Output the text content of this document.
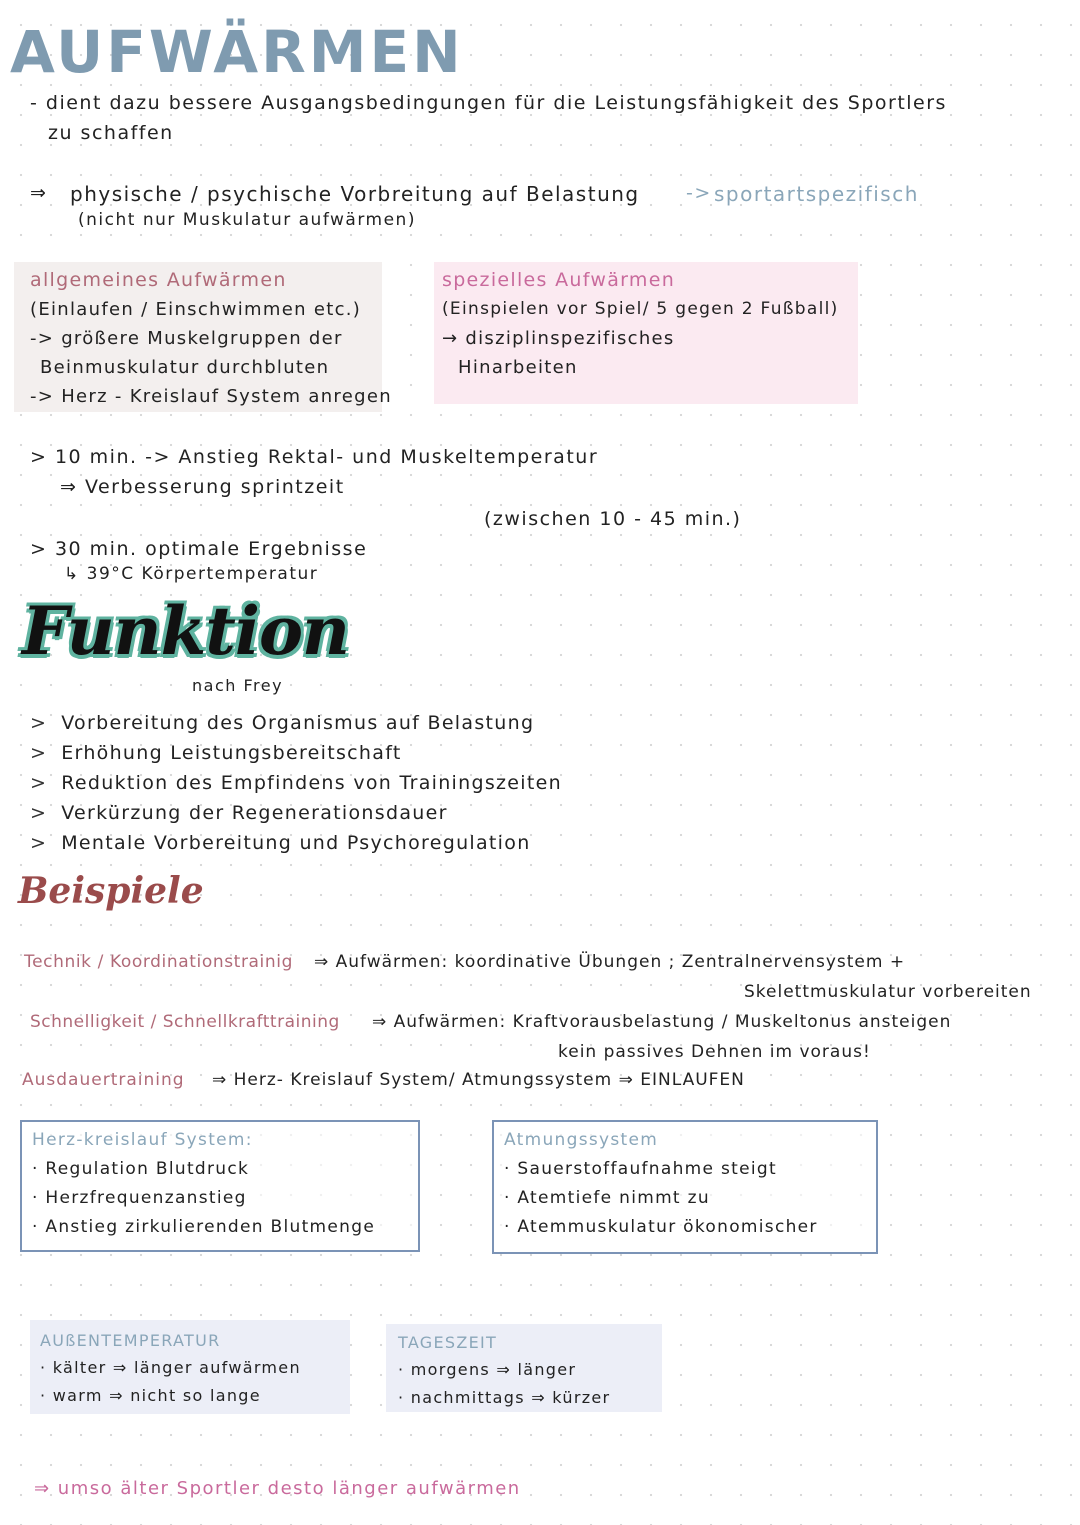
AUFWÄRMEN
- dient dazu bessere Ausgangsbedingungen für die Leistungsfähigkeit des Sportlers
zu schaffen
⇒ physische / psychische Vorbreitung auf Belastung -> sportartspezifisch
(nicht nur Muskulatur aufwärmen)
allgemeines Aufwärmen
(Einlaufen / Einschwimmen etc.)
-> größere Muskelgruppen der
Beinmuskulatur durchbluten
-> Herz - Kreislauf System anregen
spezielles Aufwärmen
(Einspielen vor Spiel/ 5 gegen 2 Fußball)
→ disziplinspezifisches
Hinarbeiten
> 10 min. -> Anstieg Rektal- und Muskeltemperatur
⇒ Verbesserung sprintzeit
(zwischen 10 - 45 min.)
> 30 min. optimale Ergebnisse
↳ 39°C Körpertemperatur
Funktion
nach Frey
> Vorbereitung des Organismus auf Belastung
> Erhöhung Leistungsbereitschaft
> Reduktion des Empfindens von Trainingszeiten
> Verkürzung der Regenerationsdauer
> Mentale Vorbereitung und Psychoregulation
Beispiele
Technik / Koordinationstrainig ⇒ Aufwärmen: koordinative Übungen ; Zentralnervensystem +
Skelettmuskulatur vorbereiten
Schnelligkeit / Schnellkrafttraining ⇒ Aufwärmen: Kraftvorausbelastung / Muskeltonus ansteigen
kein passives Dehnen im voraus!
Ausdauertraining ⇒ Herz- Kreislauf System/ Atmungssystem ⇒ EINLAUFEN
Herz-kreislauf System:
· Regulation Blutdruck
· Herzfrequenzanstieg
· Anstieg zirkulierenden Blutmenge
Atmungssystem
· Sauerstoffaufnahme steigt
· Atemtiefe nimmt zu
· Atemmuskulatur ökonomischer
AUßENTEMPERATUR
· kälter ⇒ länger aufwärmen
· warm ⇒ nicht so lange
TAGESZEIT
· morgens ⇒ länger
· nachmittags ⇒ kürzer
⇒ umso älter Sportler desto länger aufwärmen
